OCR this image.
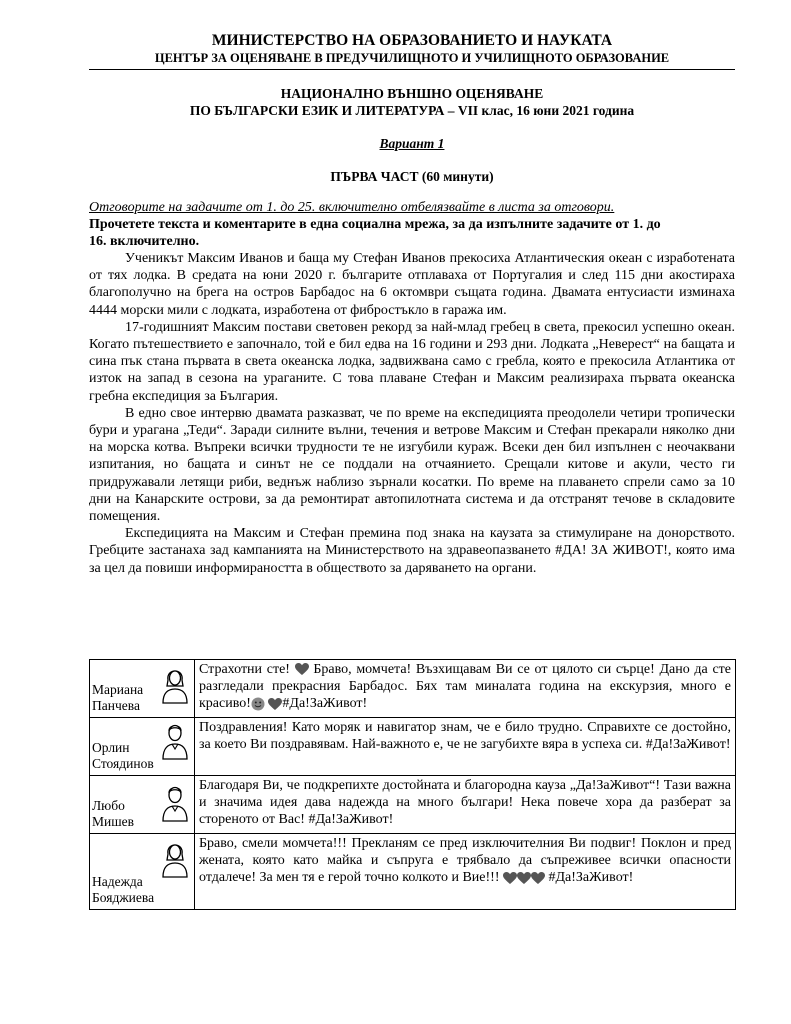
МИНИСТЕРСТВО НА ОБРАЗОВАНИЕТО И НАУКАТА
ЦЕНТЪР ЗА ОЦЕНЯВАНЕ В ПРЕДУЧИЛИЩНОТО И УЧИЛИЩНОТО ОБРАЗОВАНИЕ
НАЦИОНАЛНО ВЪНШНО ОЦЕНЯВАНЕ
ПО БЪЛГАРСКИ ЕЗИК И ЛИТЕРАТУРА – VII клас, 16 юни 2021 година
Вариант 1
ПЪРВА ЧАСТ (60 минути)
Отговорите на задачите от 1. до 25. включително отбелязвайте в листа за отговори.
Прочетете текста и коментарите в една социална мрежа, за да изпълните задачите от 1. до
16. включително.

Ученикът Максим Иванов и баща му Стефан Иванов прекосиха Атлантическия океан с изработената от тях лодка. В средата на юни 2020 г. българите отплаваха от Португалия и след 115 дни акостираха благополучно на брега на остров Барбадос на 6 октомври същата година. Двамата ентусиасти изминаха 4444 морски мили с лодката, изработена от фибростъкло в гаража им.

17-годишният Максим постави световен рекорд за най-млад гребец в света, прекосил успешно океан. Когато пътешествието е започнало, той е бил едва на 16 години и 293 дни. Лодката „Неверест“ на бащата и сина пък стана първата в света океанска лодка, задвижвана само с гребла, която е прекосила Атлантика от изток на запад в сезона на ураганите. С това плаване Стефан и Максим реализираха първата океанска гребна експедиция за България.

В едно свое интервю двамата разказват, че по време на експедицията преодолели четири тропически бури и урагана „Теди“. Заради силните вълни, течения и ветрове Максим и Стефан прекарали няколко дни на морска котва. Въпреки всички трудности те не изгубили кураж. Всеки ден бил изпълнен с неочаквани изпитания, но бащата и синът не се поддали на отчаянието. Срещали китове и акули, често ги придружавали летящи риби, веднъж наблизо зърнали косатки. По време на плаването спрели само за 10 дни на Канарските острови, за да ремонтират автопилотната система и да отстранят течове в складовите помещения.

Експедицията на Максим и Стефан премина под знака на каузата за стимулиране на донорството. Гребците застанаха зад кампанията на Министерството на здравеопазването #ДА! ЗА ЖИВОТ!, която има за цел да повиши информираността в обществото за даряването на органи.

Мариана
Панчева	Страхотни сте!  Браво, момчета! Възхищавам Ви се от цялото си сърце! Дано да сте разгледали прекрасния Барбадос. Бях там миналата година на екскурзия, много е красиво! #Да!ЗаЖивот!

Орлин
Стоядинов	Поздравления! Като моряк и навигатор знам, че е било трудно. Справихте се достойно, за което Ви поздравявам. Най-важното е, че не загубихте вяра в успеха си. #Да!ЗаЖивот!

Любо
Мишев	Благодаря Ви, че подкрепихте достойната и благородна кауза „Да!ЗаЖивот“! Тази важна и значима идея дава надежда на много българи! Нека повече хора да разберат за стореното от Вас! #Да!ЗаЖивот!

Надежда
Бояджиева	Браво, смели момчета!!! Прекланям се пред изключителния Ви подвиг! Поклон и пред жената, която като майка и съпруга е трябвало да съпреживее всички опасности отдалече! За мен тя е герой точно колкото и Вие!!! #Да!ЗаЖивот!
